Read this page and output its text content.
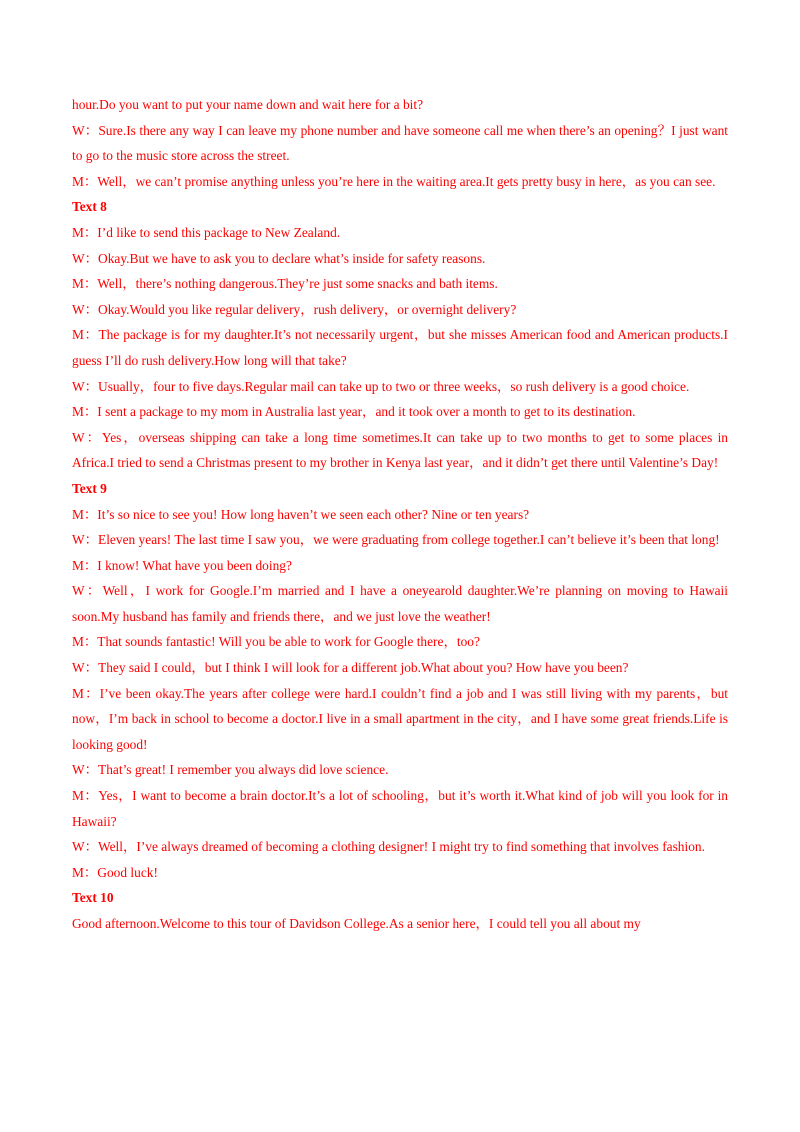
hour.Do you want to put your name down and wait here for a bit?

W：Sure.Is there any way I can leave my phone number and have someone call me when there’s an opening？I just want to go to the music store across the street.

M：Well，we can’t promise anything unless you’re here in the waiting area.It gets pretty busy in here，as you can see.

Text 8

M：I’d like to send this package to New Zealand.

W：Okay.But we have to ask you to declare what’s inside for safety reasons.

M：Well，there’s nothing dangerous.They’re just some snacks and bath items.

W：Okay.Would you like regular delivery，rush delivery，or overnight delivery?

M：The package is for my daughter.It’s not necessarily urgent，but she misses American food and American products.I guess I’ll do rush delivery.How long will that take?

W：Usually，four to five days.Regular mail can take up to two or three weeks，so rush delivery is a good choice.

M：I sent a package to my mom in Australia last year，and it took over a month to get to its destination.

W：Yes，overseas shipping can take a long time sometimes.It can take up to two months to get to some places in Africa.I tried to send a Christmas present to my brother in Kenya last year，and it didn’t get there until Valentine’s Day!

Text 9

M：It’s so nice to see you! How long haven’t we seen each other? Nine or ten years?

W：Eleven years! The last time I saw you，we were graduating from college together.I can’t believe it’s been that long!

M：I know! What have you been doing?

W：Well，I work for Google.I’m married and I have a oneyearold daughter.We’re planning on moving to Hawaii soon.My husband has family and friends there，and we just love the weather!

M：That sounds fantastic! Will you be able to work for Google there，too?

W：They said I could，but I think I will look for a different job.What about you? How have you been?

M：I’ve been okay.The years after college were hard.I couldn’t find a job and I was still living with my parents，but now，I’m back in school to become a doctor.I live in a small apartment in the city，and I have some great friends.Life is looking good!

W：That’s great! I remember you always did love science.

M：Yes，I want to become a brain doctor.It’s a lot of schooling，but it’s worth it.What kind of job will you look for in Hawaii?

W：Well，I’ve always dreamed of becoming a clothing designer! I might try to find something that involves fashion.

M：Good luck!

Text 10

Good afternoon.Welcome to this tour of Davidson College.As a senior here，I could tell you all about my
